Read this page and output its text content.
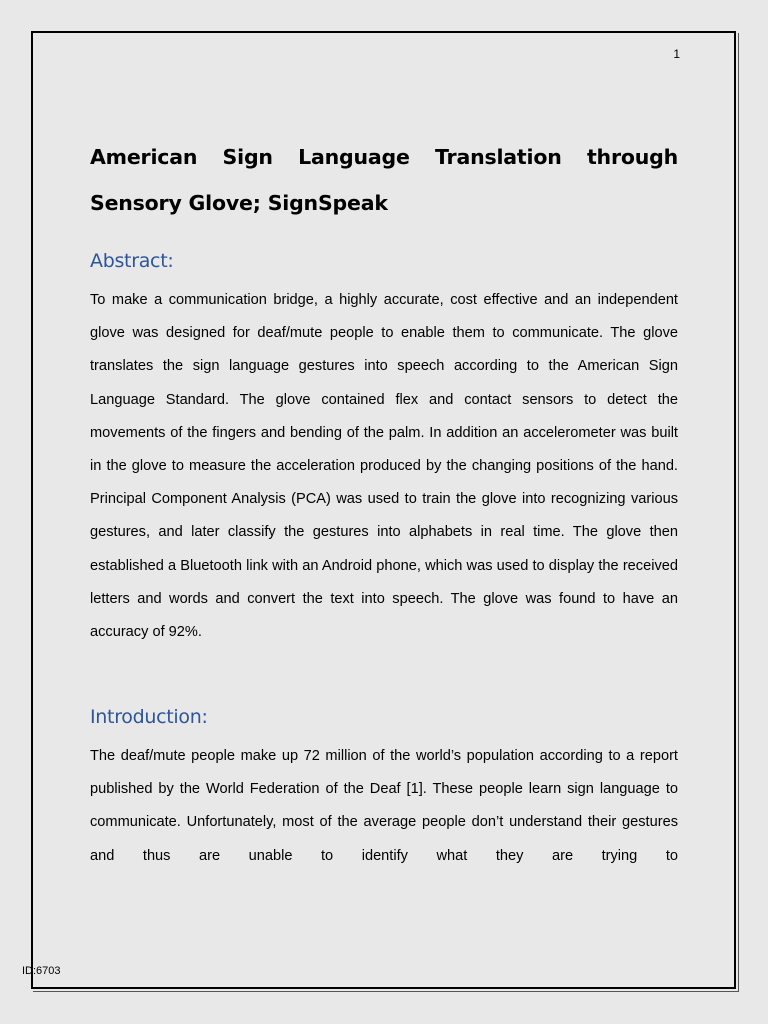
1
American Sign Language Translation through Sensory Glove; SignSpeak
Abstract:

To make a communication bridge, a highly accurate, cost effective and an independent glove was designed for deaf/mute people to enable them to communicate. The glove translates the sign language gestures into speech according to the American Sign Language Standard. The glove contained flex and contact sensors to detect the movements of the fingers and bending of the palm. In addition an accelerometer was built in the glove to measure the acceleration produced by the changing positions of the hand. Principal Component Analysis (PCA) was used to train the glove into recognizing various gestures, and later classify the gestures into alphabets in real time. The glove then established a Bluetooth link with an Android phone, which was used to display the received letters and words and convert the text into speech. The glove was found to have an accuracy of 92%.

Introduction:

The deaf/mute people make up 72 million of the world’s population according to a report published by the World Federation of the Deaf [1]. These people learn sign language to communicate. Unfortunately, most of the average people don’t understand their gestures and thus are unable to identify what they are trying to

ID:6703
